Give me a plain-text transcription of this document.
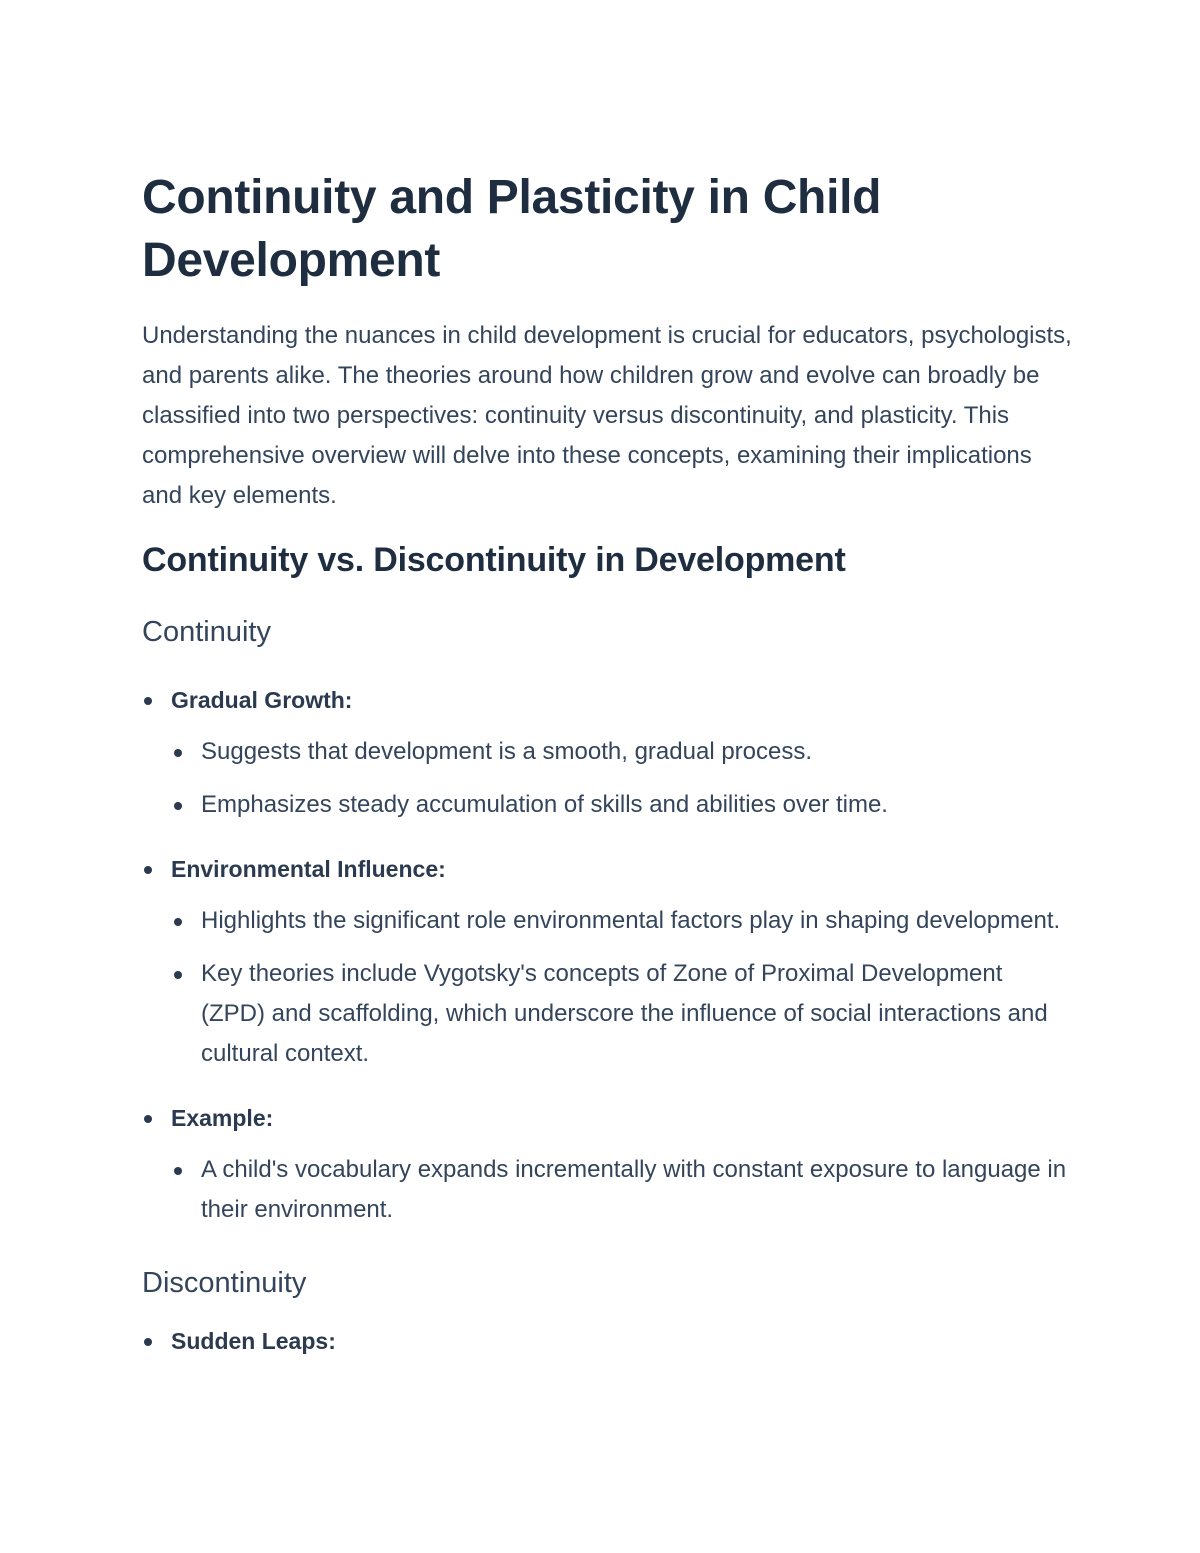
Continuity and Plasticity in Child Development

Understanding the nuances in child development is crucial for educators, psychologists, and parents alike. The theories around how children grow and evolve can broadly be classified into two perspectives: continuity versus discontinuity, and plasticity. This comprehensive overview will delve into these concepts, examining their implications and key elements.

Continuity vs. Discontinuity in Development
Continuity
Gradual Growth:
Suggests that development is a smooth, gradual process.
Emphasizes steady accumulation of skills and abilities over time.
Environmental Influence:
Highlights the significant role environmental factors play in shaping development.
Key theories include Vygotsky's concepts of Zone of Proximal Development (ZPD) and scaffolding, which underscore the influence of social interactions and cultural context.
Example:
A child's vocabulary expands incrementally with constant exposure to language in their environment.
Discontinuity
Sudden Leaps:
